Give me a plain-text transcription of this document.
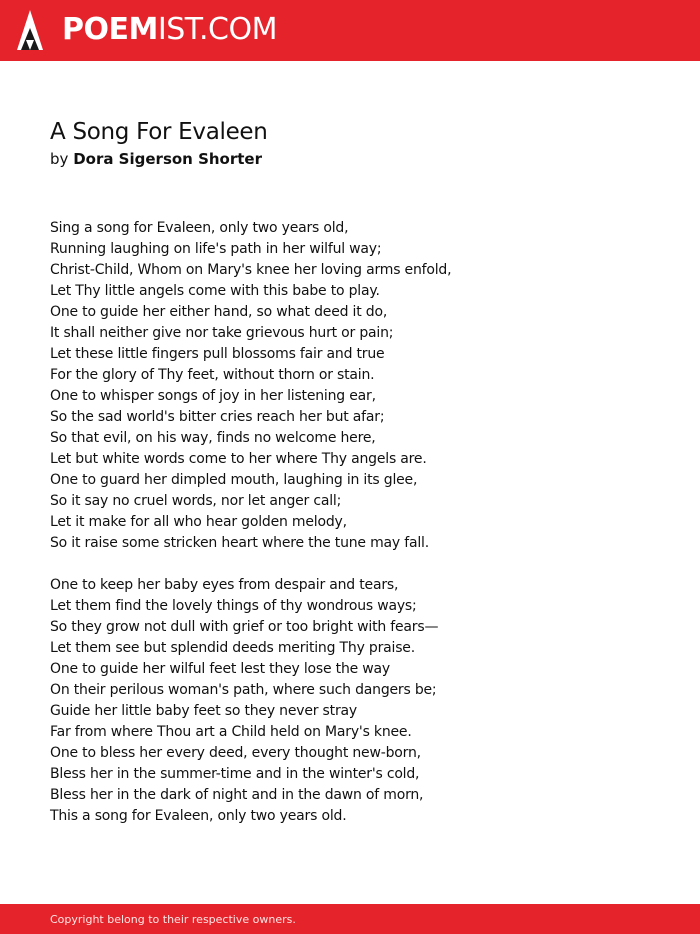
POEMIST.COM
A Song For Evaleen
by Dora Sigerson Shorter

Sing a song for Evaleen, only two years old,
Running laughing on life's path in her wilful way;
Christ-Child, Whom on Mary's knee her loving arms enfold,
Let Thy little angels come with this babe to play.
One to guide her either hand, so what deed it do,
It shall neither give nor take grievous hurt or pain;
Let these little fingers pull blossoms fair and true
For the glory of Thy feet, without thorn or stain.
One to whisper songs of joy in her listening ear,
So the sad world's bitter cries reach her but afar;
So that evil, on his way, finds no welcome here,
Let but white words come to her where Thy angels are.
One to guard her dimpled mouth, laughing in its glee,
So it say no cruel words, nor let anger call;
Let it make for all who hear golden melody,
So it raise some stricken heart where the tune may fall.

One to keep her baby eyes from despair and tears,
Let them find the lovely things of thy wondrous ways;
So they grow not dull with grief or too bright with fears—
Let them see but splendid deeds meriting Thy praise.
One to guide her wilful feet lest they lose the way
On their perilous woman's path, where such dangers be;
Guide her little baby feet so they never stray
Far from where Thou art a Child held on Mary's knee.
One to bless her every deed, every thought new-born,
Bless her in the summer-time and in the winter's cold,
Bless her in the dark of night and in the dawn of morn,
This a song for Evaleen, only two years old.

Copyright belong to their respective owners.
